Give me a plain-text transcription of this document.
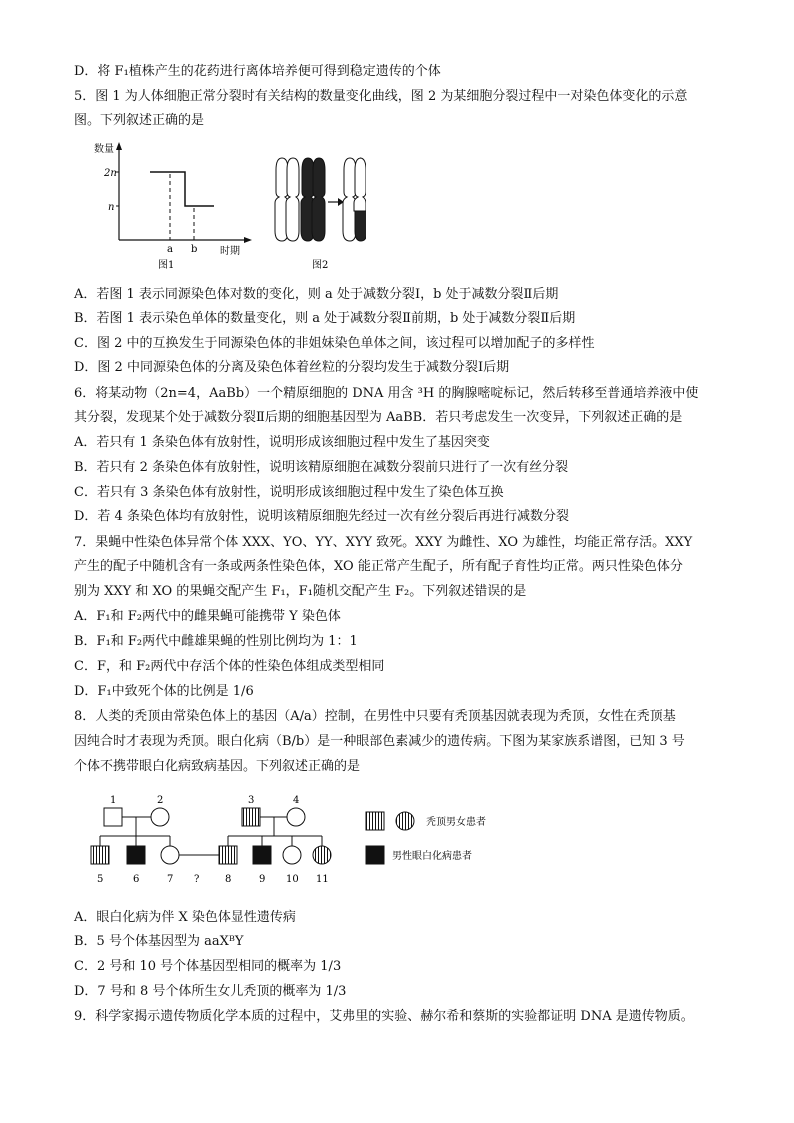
D．将 F₁植株产生的花药进行离体培养便可得到稳定遗传的个体
5．图 1 为人体细胞正常分裂时有关结构的数量变化曲线，图 2 为某细胞分裂过程中一对染色体变化的示意
图。下列叙述正确的是
数量
2n
n
a b 时期
图1	图2
A．若图 1 表示同源染色体对数的变化，则 a 处于减数分裂Ⅰ，b 处于减数分裂Ⅱ后期
B．若图 1 表示染色单体的数量变化，则 a 处于减数分裂Ⅱ前期，b 处于减数分裂Ⅱ后期
C．图 2 中的互换发生于同源染色体的非姐妹染色单体之间，该过程可以增加配子的多样性
D．图 2 中同源染色体的分离及染色体着丝粒的分裂均发生于减数分裂Ⅰ后期
6．将某动物（2n=4，AaBb）一个精原细胞的 DNA 用含 ³H 的胸腺嘧啶标记，然后转移至普通培养液中使
其分裂，发现某个处于减数分裂Ⅱ后期的细胞基因型为 AaBB．若只考虑发生一次变异，下列叙述正确的是
A．若只有 1 条染色体有放射性，说明形成该细胞过程中发生了基因突变
B．若只有 2 条染色体有放射性，说明该精原细胞在减数分裂前只进行了一次有丝分裂
C．若只有 3 条染色体有放射性，说明形成该细胞过程中发生了染色体互换
D．若 4 条染色体均有放射性，说明该精原细胞先经过一次有丝分裂后再进行减数分裂
7．果蝇中性染色体异常个体 XXX、YO、YY、XYY 致死。XXY 为雌性、XO 为雄性，均能正常存活。XXY
产生的配子中随机含有一条或两条性染色体，XO 能正常产生配子，所有配子育性均正常。两只性染色体分
别为 XXY 和 XO 的果蝇交配产生 F₁，F₁随机交配产生 F₂。下列叙述错误的是
A．F₁和 F₂两代中的雌果蝇可能携带 Y 染色体
B．F₁和 F₂两代中雌雄果蝇的性别比例均为 1：1
C．F，和 F₂两代中存活个体的性染色体组成类型相同
D．F₁中致死个体的比例是 1/6
8．人类的秃顶由常染色体上的基因（A/a）控制，在男性中只要有秃顶基因就表现为秃顶，女性在秃顶基
因纯合时才表现为秃顶。眼白化病（B/b）是一种眼部色素减少的遗传病。下图为某家族系谱图，已知 3 号
个体不携带眼白化病致病基因。下列叙述正确的是
1	2	3	4
5	6	7 ?	8	9 10 11
秃顶男女患者
男性眼白化病患者
A．眼白化病为伴 X 染色体显性遗传病
B．5 号个体基因型为 aaXᴮY
C．2 号和 10 号个体基因型相同的概率为 1/3
D．7 号和 8 号个体所生女儿秃顶的概率为 1/3
9．科学家揭示遗传物质化学本质的过程中，艾弗里的实验、赫尔希和蔡斯的实验都证明 DNA 是遗传物质。
